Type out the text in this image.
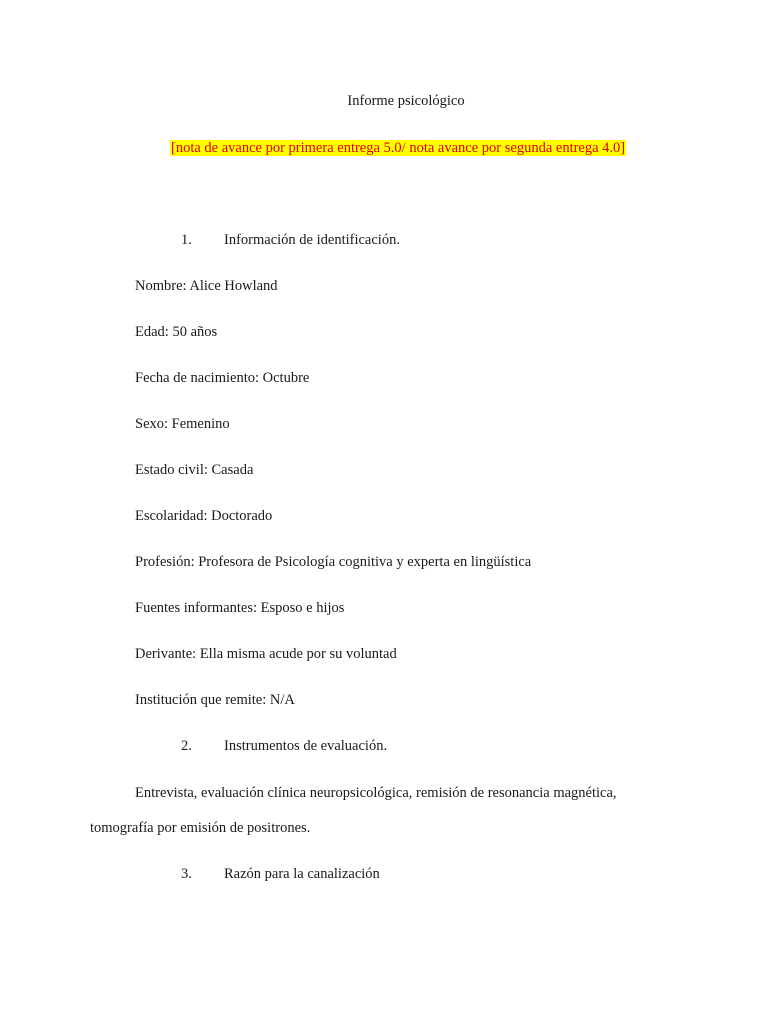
Informe psicológico
[nota de avance por primera entrega 5.0/ nota avance por segunda entrega 4.0]
1. Información de identificación.
Nombre: Alice Howland
Edad: 50 años
Fecha de nacimiento: Octubre
Sexo: Femenino
Estado civil: Casada
Escolaridad: Doctorado
Profesión: Profesora de Psicología cognitiva y experta en lingüística
Fuentes informantes: Esposo e hijos
Derivante: Ella misma acude por su voluntad
Institución que remite: N/A
2. Instrumentos de evaluación.
Entrevista, evaluación clínica neuropsicológica, remisión de resonancia magnética,
tomografía por emisión de positrones.
3. Razón para la canalización
